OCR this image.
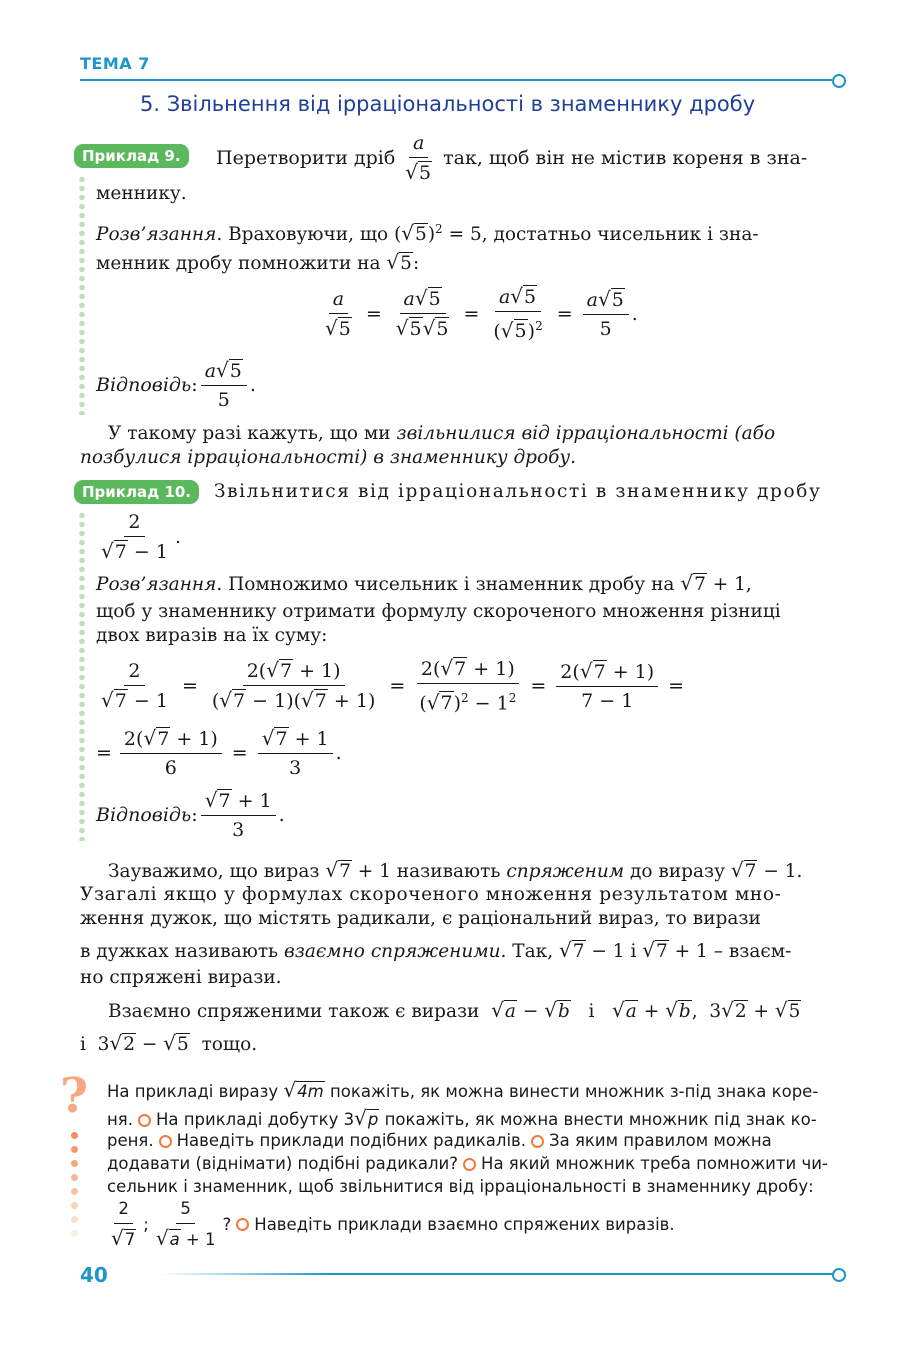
ТЕМА 7
5. Звільнення від ірраціональності в знаменнику дробу
Приклад 9.	Перетворити дріб $\frac{a}{√5}$ так, щоб він не містив кореня в зна-
меннику.
Розв’язання. Враховуючи, що $(√5)^2 = 5$, достатньо чисельник і зна-
менник дробу помножити на √5:
$\frac{a}{√5} = \frac{a√5}{√5√5} = \frac{a√5}{(√5)^2} = \frac{a√5}{5}$ .
Відповідь : $\frac{a√5}{5}$ .
У такому разі кажуть, що ми звільнилися від ірраціональності (або
позбулися ірраціональності) в знаменнику дробу.
Приклад 10.	Звільнитися від ірраціональності в знаменнику дробу
$\frac{2}{√7 - 1}$ .
Розв’язання. Помножимо чисельник і знаменник дробу на √7 + 1,
щоб у знаменнику отримати формулу скороченого множення різниці
двох виразів на їх суму:
$\frac{2}{√7 - 1} = \frac{2(√7 + 1)}{(√7 - 1)(√7 + 1)} = \frac{2(√7 + 1)}{(√7)^2 - 1^2} = \frac{2(√7 + 1)}{7 - 1}$ =
= $\frac{2(√7 + 1)}{6} = \frac{√7 + 1}{3}$ .
Відповідь : $\frac{√7 + 1}{3}$ .
Зауважимо, що вираз √7 + 1 називають спряженим до виразу √7 − 1.
Узагалі якщо у формулах скороченого множення результатом мно-
ження дужок, що містять радикали, є раціональний вираз, то вирази
в дужках називають взаємно спряженими. Так, √7 − 1 і √7 + 1 – взаєм-
но спряжені вирази.
Взаємно спряженими також є вирази √a − √b і √a + √b,  3√2 + √5
і  3√2 − √5 тощо.
? На прикладі виразу √4m покажіть, як можна винести множник з-під знака коре-
ня. На прикладі добутку 3√p покажіть, як можна внести множник під знак ко-
реня. Наведіть приклади подібних радикалів. За яким правилом можна
додавати (віднімати) подібні радикали? На який множник треба помножити чи-
сельник і знаменник, щоб звільнитися від ірраціональності в знаменнику дробу:
$\frac{2}{√7}$ ; $\frac{5}{√a + 1}$ ? Наведіть приклади взаємно спряжених виразів.
40
